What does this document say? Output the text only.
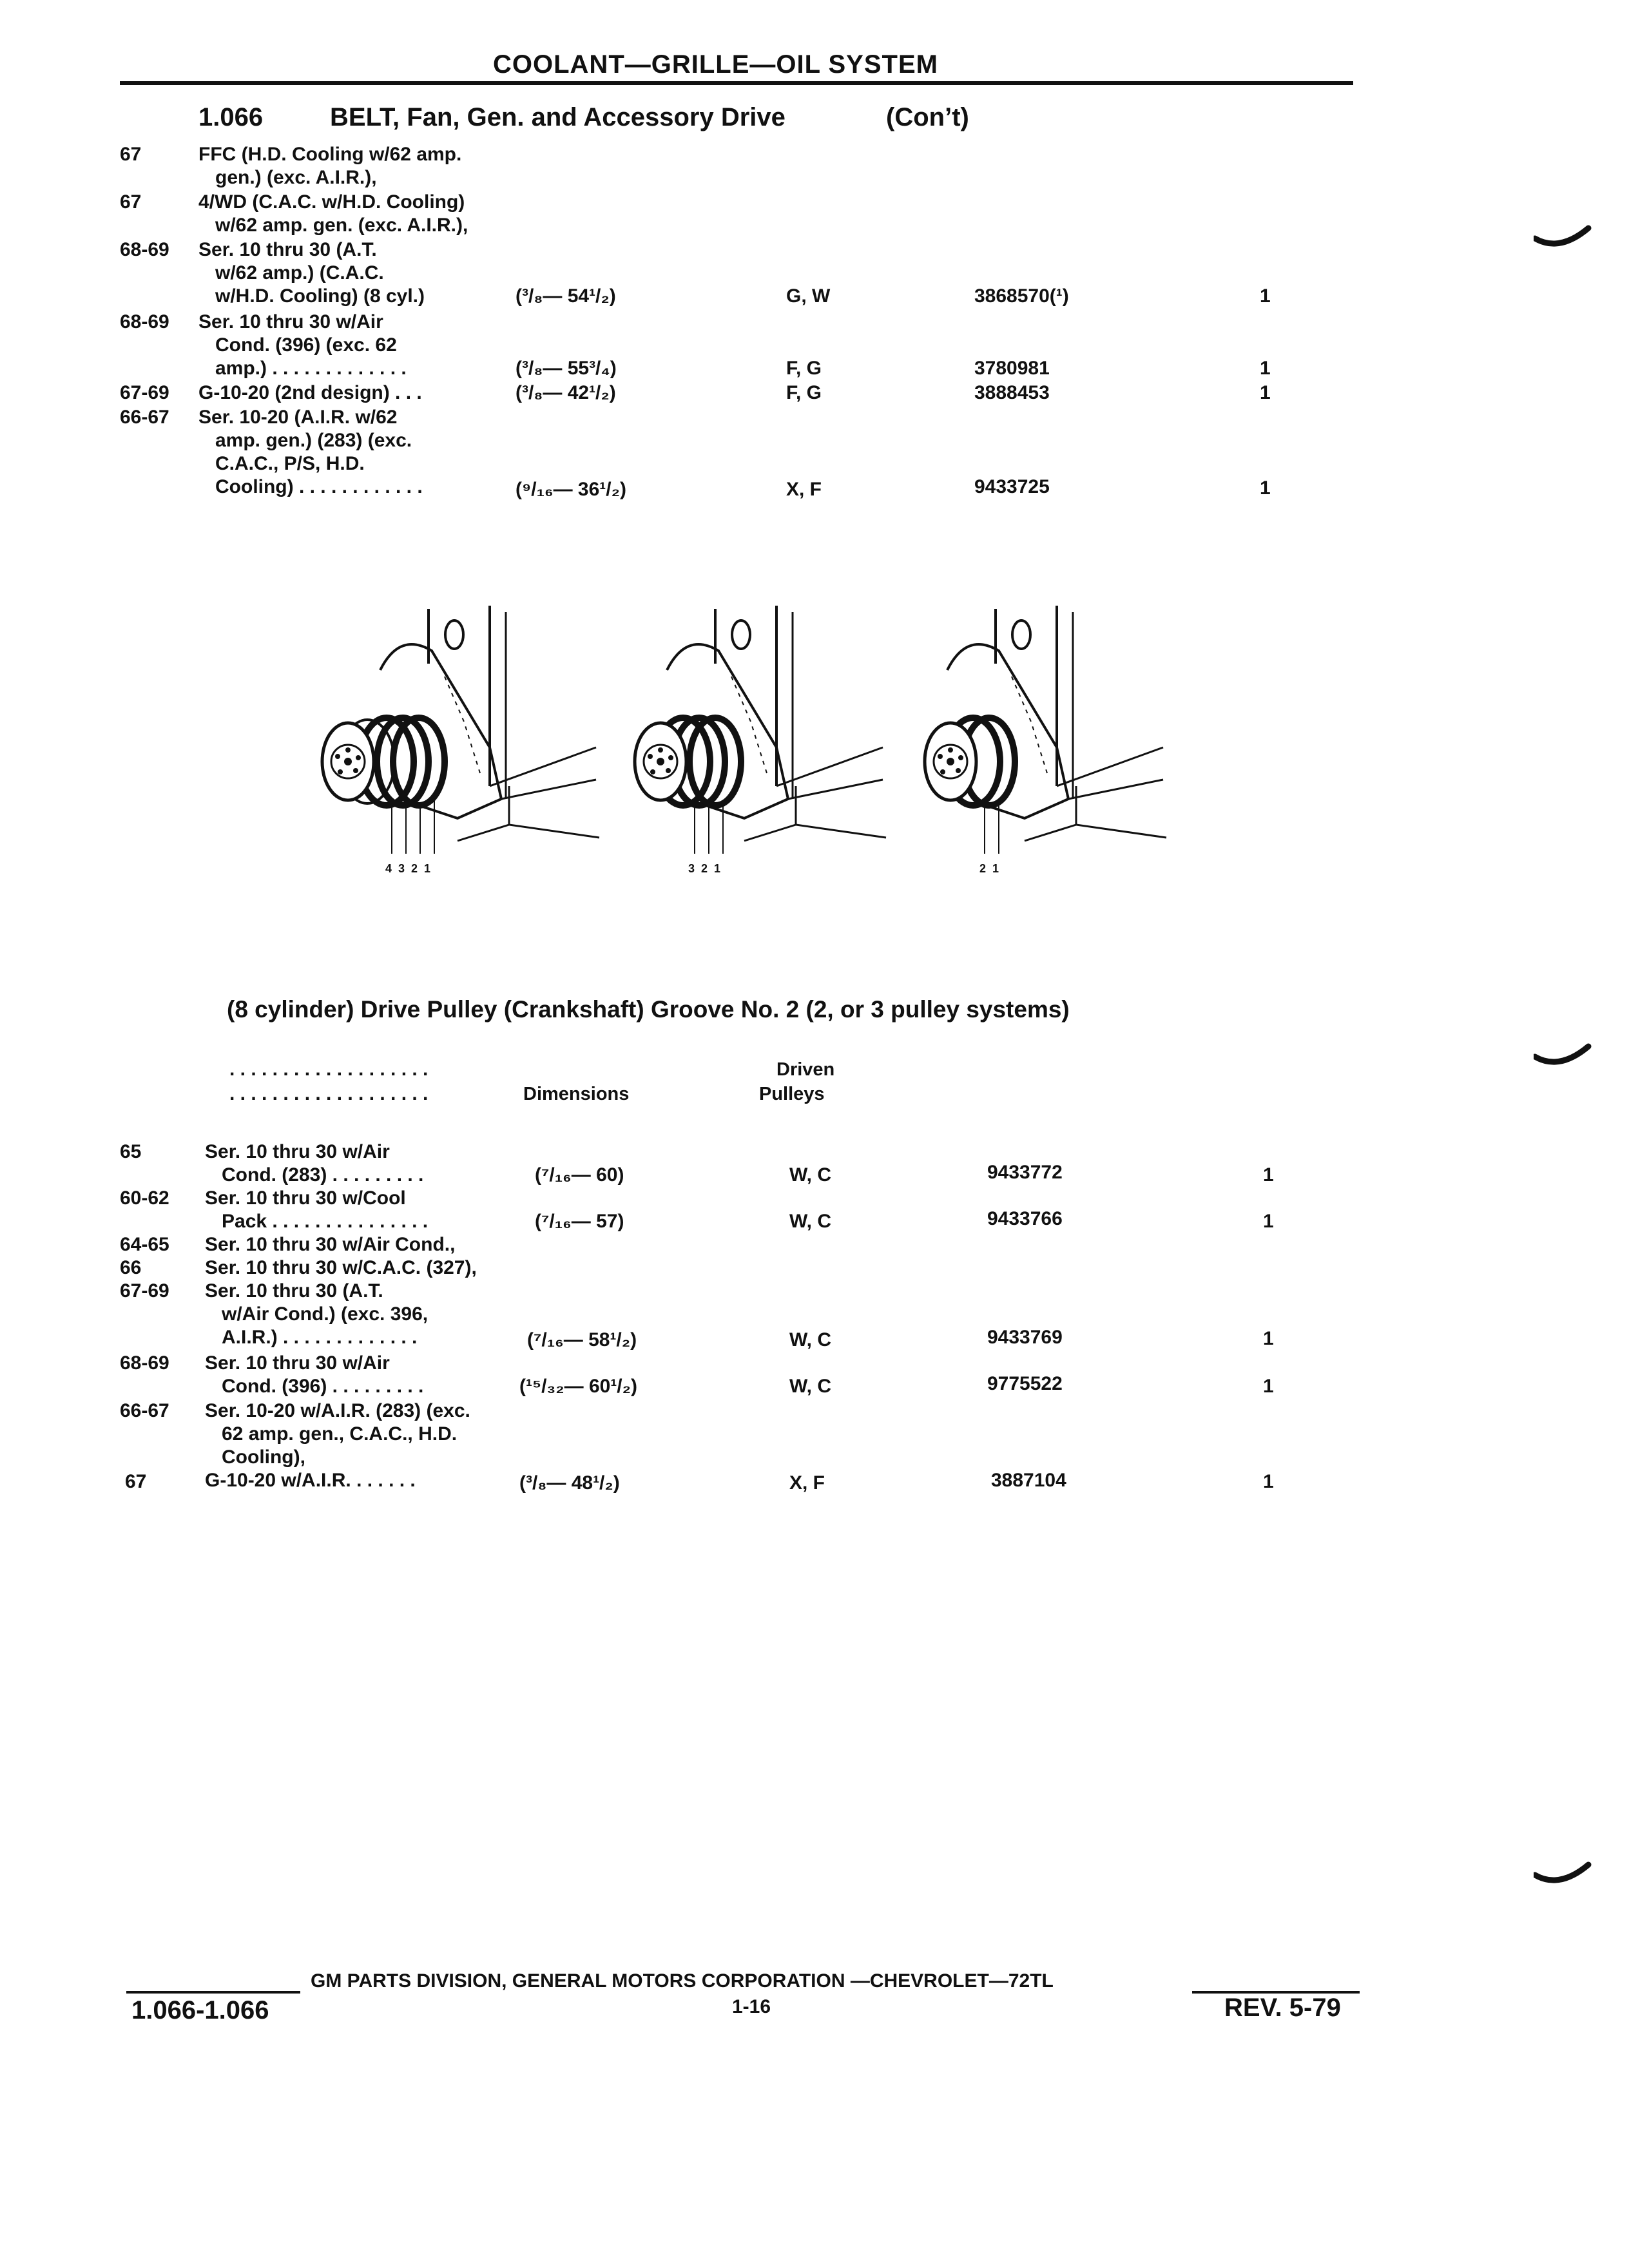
COOLANT—GRILLE—OIL SYSTEM
1.066	BELT, Fan, Gen. and Accessory Drive	(Con’t)
67	FFC (H.D. Cooling w/62 amp.
gen.) (exc. A.I.R.),
67	4/WD (C.A.C. w/H.D. Cooling)
w/62 amp. gen. (exc. A.I.R.),
68-69 Ser. 10 thru 30 (A.T.
w/62 amp.) (C.A.C.
w/H.D. Cooling) (8 cyl.)	(³/₈— 54¹/₂)	G, W	3868570(¹)	1
68-69 Ser. 10 thru 30 w/Air
Cond. (396) (exc. 62
amp.) . . . . . . . . . . . . .	(³/₈— 55³/₄)	F, G	3780981	1
67-69 G-10-20 (2nd design) . . .	(³/₈— 42¹/₂)	F, G	3888453	1
66-67 Ser. 10-20 (A.I.R. w/62
amp. gen.) (283) (exc.
C.A.C., P/S, H.D.
Cooling) . . . . . . . . . . . .	(⁹/₁₆— 36¹/₂)	X, F	9433725	1
4 3 2 1	3 2 1	2 1
(8 cylinder) Drive Pulley (Crankshaft) Groove No. 2 (2, or 3 pulley systems)
. . . . . . . . . . . . . . . . . . .
. . . . . . . . . . . . . . . . . . .	Dimensions
Driven
Pulleys
65	Ser. 10 thru 30 w/Air
Cond. (283) . . . . . . . . .	(⁷/₁₆— 60)	W, C	9433772	1
60-62 Ser. 10 thru 30 w/Cool
Pack . . . . . . . . . . . . . . .	(⁷/₁₆— 57)	W, C	9433766	1
64-65 Ser. 10 thru 30 w/Air Cond.,
66	Ser. 10 thru 30 w/C.A.C. (327),
67-69 Ser. 10 thru 30 (A.T.
w/Air Cond.) (exc. 396,
A.I.R.) . . . . . . . . . . . . .	(⁷/₁₆— 58¹/₂)	W, C	9433769	1
68-69 Ser. 10 thru 30 w/Air
Cond. (396) . . . . . . . . .	(¹⁵/₃₂— 60¹/₂)	W, C	9775522	1
66-67 Ser. 10-20 w/A.I.R. (283) (exc.
62 amp. gen., C.A.C., H.D.
Cooling),
67	G-10-20 w/A.I.R. . . . . . .	(³/₈— 48¹/₂)	X, F	3887104	1
GM PARTS DIVISION, GENERAL MOTORS CORPORATION —CHEVROLET—72TL
1.066-1.066	1-16	REV. 5-79
